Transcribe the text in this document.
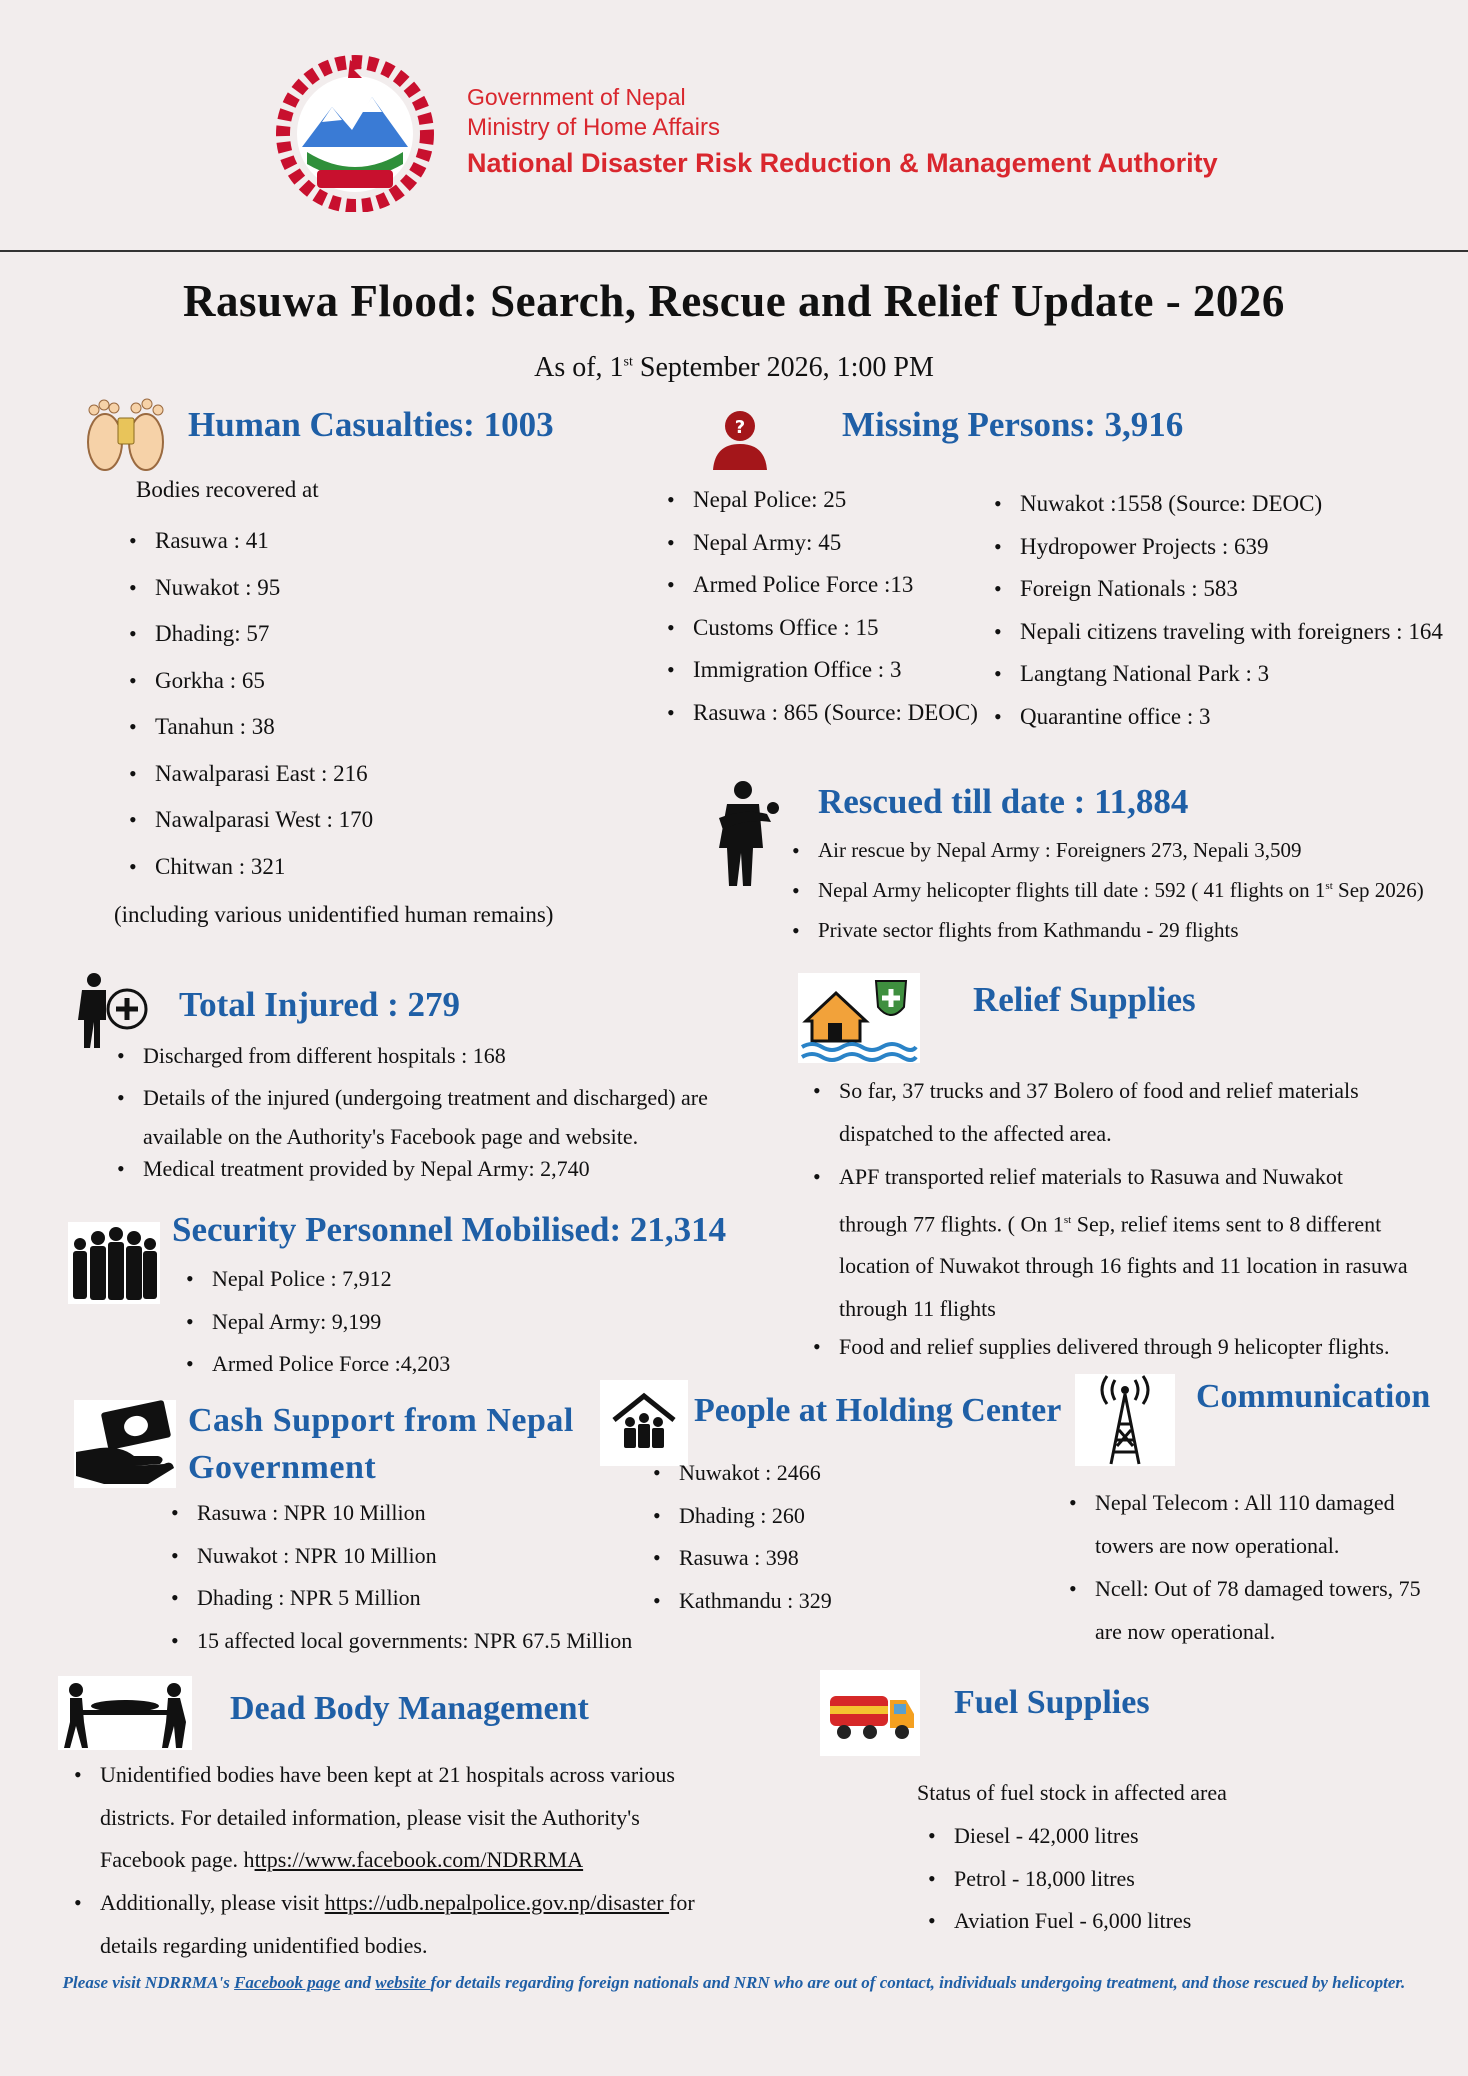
Government of Nepal
Ministry of Home Affairs
National Disaster Risk Reduction & Management Authority
Rasuwa Flood: Search, Rescue and Relief Update - 2026
As of, 1st September 2026, 1:00 PM
Human Casualties: 1003
Bodies recovered at
• Rasuwa : 41
• Nuwakot : 95
• Dhading: 57
• Gorkha : 65
• Tanahun : 38
• Nawalparasi East : 216
• Nawalparasi West : 170
• Chitwan : 321
(including various unidentified human remains)
?	Missing Persons: 3,916
• Nepal Police: 25
• Nepal Army: 45
• Armed Police Force :13
• Customs Office : 15
• Immigration Office : 3
• Rasuwa : 865 (Source: DEOC)
• Nuwakot :1558 (Source: DEOC)
• Hydropower Projects : 639
• Foreign Nationals : 583
• Nepali citizens traveling with foreigners : 164
• Langtang National Park : 3
• Quarantine office : 3
Rescued till date : 11,884
• Air rescue by Nepal Army : Foreigners 273, Nepali 3,509
• Nepal Army helicopter flights till date : 592 ( 41 flights on 1st Sep 2026)
• Private sector flights from Kathmandu - 29 flights
Total Injured : 279
• Discharged from different hospitals : 168
• Details of the injured (undergoing treatment and discharged) are
available on the Authority's Facebook page and website.
• Medical treatment provided by Nepal Army: 2,740
Relief Supplies
• So far, 37 trucks and 37 Bolero of food and relief materials
dispatched to the affected area.
• APF transported relief materials to Rasuwa and Nuwakot
through 77 flights. ( On 1st Sep, relief items sent to 8 different
location of Nuwakot through 16 fights and 11 location in rasuwa
through 11 flights
• Food and relief supplies delivered through 9 helicopter flights.
Security Personnel Mobilised: 21,314
• Nepal Police : 7,912
• Nepal Army: 9,199
• Armed Police Force :4,203
Cash Support from Nepal
Government
• Rasuwa : NPR 10 Million
• Nuwakot : NPR 10 Million
• Dhading : NPR 5 Million
• 15 affected local governments: NPR 67.5 Million
People at Holding Center
• Nuwakot : 2466
• Dhading : 260
• Rasuwa : 398
• Kathmandu : 329
Communication
• Nepal Telecom : All 110 damaged
towers are now operational.
• Ncell: Out of 78 damaged towers, 75
are now operational.
Dead Body Management
• Unidentified bodies have been kept at 21 hospitals across various
districts. For detailed information, please visit the Authority's
Facebook page. https://www.facebook.com/NDRRMA
• Additionally, please visit https://udb.nepalpolice.gov.np/disaster for
details regarding unidentified bodies.
Fuel Supplies
Status of fuel stock in affected area
• Diesel - 42,000 litres
• Petrol - 18,000 litres
• Aviation Fuel - 6,000 litres
Please visit NDRRMA's Facebook page and website for details regarding foreign nationals and NRN who are out of contact, individuals undergoing treatment, and those rescued by helicopter.
